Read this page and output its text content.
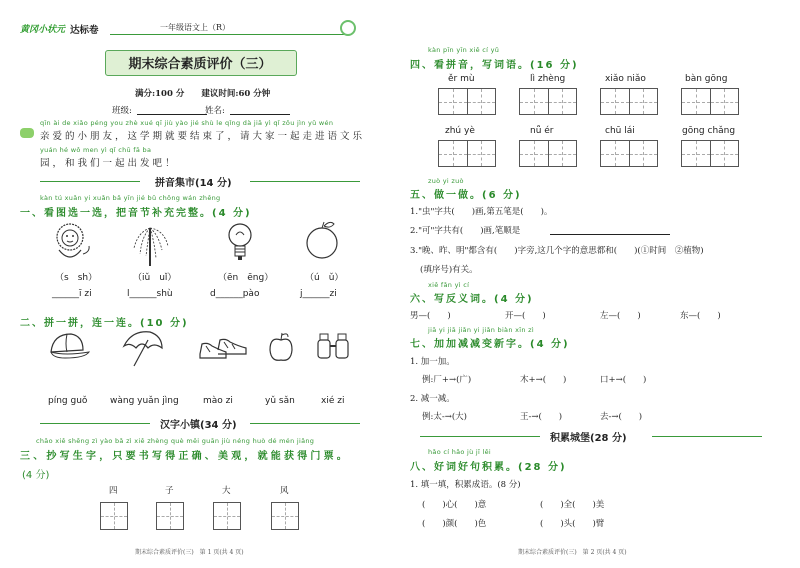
黄冈小状元 达标卷	一年级语文上（R）
期末综合素质评价（三）
满分:100 分　　建议时间:60 分钟
班级:	姓名:
qīn ài de xiǎo péng you zhè xué qī jiù yào jié shù le qǐng dà jiā yì qǐ zǒu jìn yǔ wén
亲爱的小朋友，这学期就要结束了，请大家一起走进语文乐
yuán hé wǒ men yì qǐ chū fā ba
园，和我们一起出发吧！
拼音集市(14 分)
kàn tú xuǎn yi xuǎn bǎ yīn jié bǔ chōng wán zhěng
一、看图选一选，把音节补充完整。(4 分)
（s　sh）	（iǔ　uǐ）	（ēn　ēng）	（ú　ǔ）
______ī zi	l______shù	d______pào	j______zi
二、拼一拼，连一连。(10 分)
píng guǒ	wàng yuǎn jìng	mào zi	yǔ sǎn	xié zi
汉字小镇(34 分)
chāo xiě shēng zì yào bǎ zì xiě zhèng què měi guān jiù néng huò dé mén jiǎng
三、抄写生字，只要书写得正确、美观，就能获得门票。
(4 分)
四	子	大	风
期末综合素质评价(三)　第 1 页(共 4 页)
kàn pīn yīn xiě cí yǔ
四、看拼音，写词语。(16 分)
ěr mù	lì zhèng	xiǎo niǎo	bàn gōng
zhú yè	nǚ ér	chū lái	gōng chǎng
zuò yi zuò
五、做一做。(6 分)
1."虫"字共(　　)画,第五笔是(　　)。
2."可"字共有(　　)画,笔顺是
3."晚、昨、明"都含有(　　)字旁,这几个字的意思都和(　　)(①时间　②植物)
(填序号)有关。
xiě fǎn yì cí
六、写反义词。(4 分)
男—(　　)	开—(　　)	左—(　　)	东—(　　)
jiā yi jiā jiǎn yi jiǎn biàn xīn zì
七、加加减减变新字。(4 分)
1. 加一加。
例:厂+→(广)	木+→(　　)	口+→(　　)
2. 减一减。
例:太-→(大)	王-→(　　)	去-→(　　)
积累城堡(28 分)
hǎo cí hǎo jù jī lěi
八、好词好句积累。(28 分)
1. 填一填，积累成语。(8 分)
(　　)心(　　)意	(　　)全(　　)美
(　　)颜(　　)色	(　　)头(　　)臂
期末综合素质评价(三)　第 2 页(共 4 页)
